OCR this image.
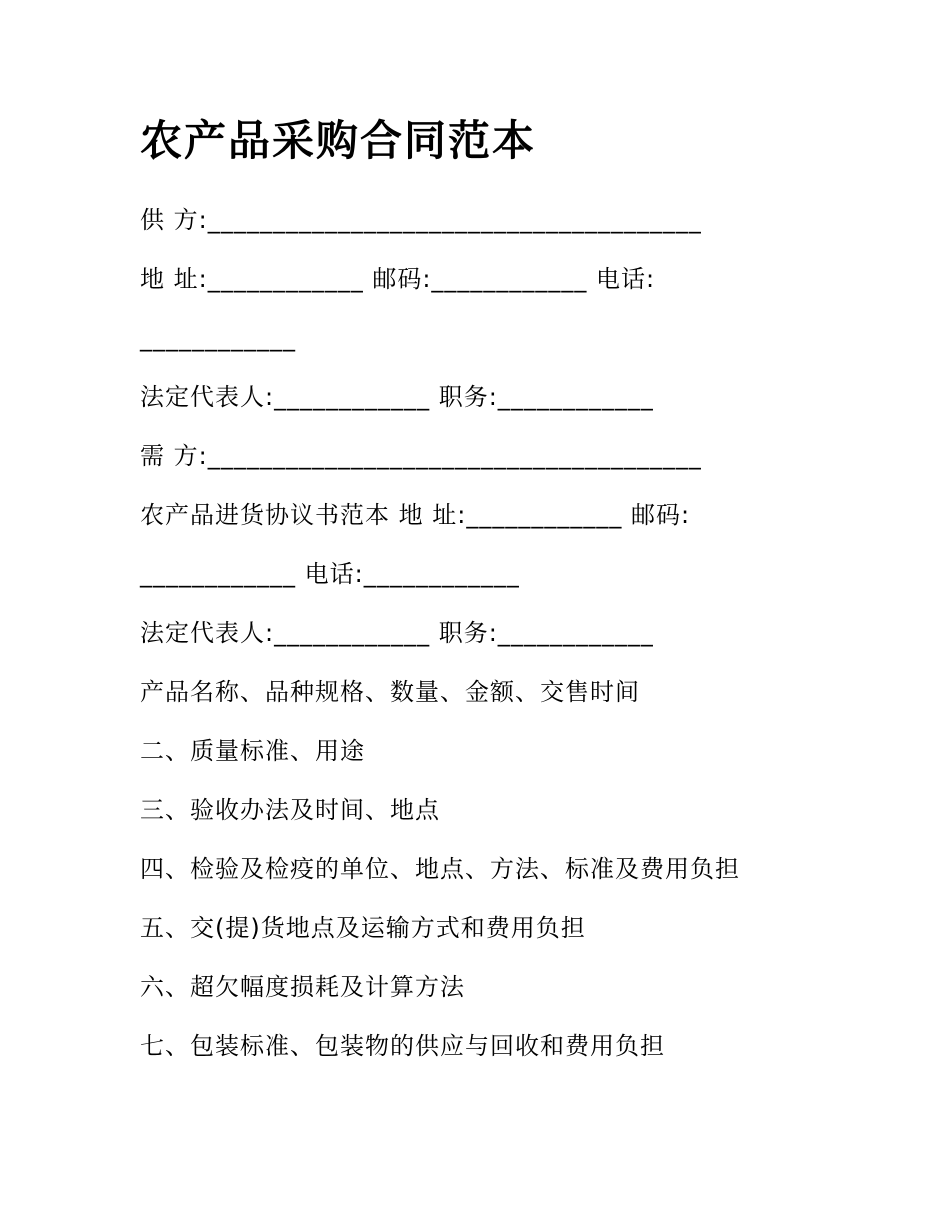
农产品采购合同范本

供 方:______________________________________

地 址:____________ 邮码:____________ 电话:

____________

法定代表人:____________ 职务:____________

需 方:______________________________________

农产品进货协议书范本 地 址:____________ 邮码:

____________ 电话:____________

法定代表人:____________ 职务:____________

产品名称、品种规格、数量、金额、交售时间

二、质量标准、用途

三、验收办法及时间、地点

四、检验及检疫的单位、地点、方法、标准及费用负担

五、交(提)货地点及运输方式和费用负担

六、超欠幅度损耗及计算方法

七、包装标准、包装物的供应与回收和费用负担
